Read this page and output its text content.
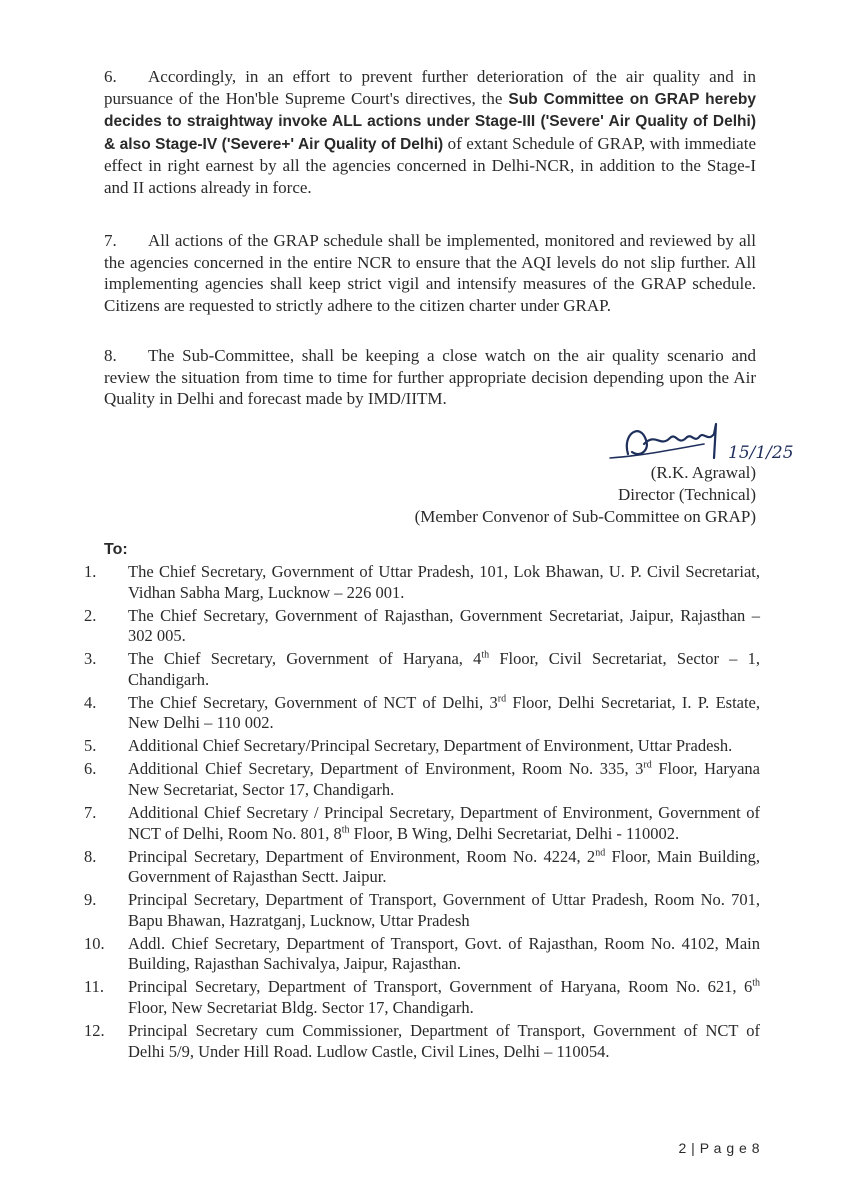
6. Accordingly, in an effort to prevent further deterioration of the air quality and in pursuance of the Hon'ble Supreme Court's directives, the Sub Committee on GRAP hereby decides to straightway invoke ALL actions under Stage-III ('Severe' Air Quality of Delhi) & also Stage-IV ('Severe+' Air Quality of Delhi) of extant Schedule of GRAP, with immediate effect in right earnest by all the agencies concerned in Delhi-NCR, in addition to the Stage-I and II actions already in force.
7. All actions of the GRAP schedule shall be implemented, monitored and reviewed by all the agencies concerned in the entire NCR to ensure that the AQI levels do not slip further. All implementing agencies shall keep strict vigil and intensify measures of the GRAP schedule. Citizens are requested to strictly adhere to the citizen charter under GRAP.
8. The Sub-Committee, shall be keeping a close watch on the air quality scenario and review the situation from time to time for further appropriate decision depending upon the Air Quality in Delhi and forecast made by IMD/IITM.
15/1/25
(R.K. Agrawal)
Director (Technical)
(Member Convenor of Sub-Committee on GRAP)
To:
1.	The Chief Secretary, Government of Uttar Pradesh, 101, Lok Bhawan, U. P. Civil Secretariat, Vidhan Sabha Marg, Lucknow – 226 001.
2.	The Chief Secretary, Government of Rajasthan, Government Secretariat, Jaipur, Rajasthan – 302 005.
3.	The Chief Secretary, Government of Haryana, 4th Floor, Civil Secretariat, Sector – 1, Chandigarh.
4.	The Chief Secretary, Government of NCT of Delhi, 3rd Floor, Delhi Secretariat, I. P. Estate, New Delhi – 110 002.
5.	Additional Chief Secretary/Principal Secretary, Department of Environment, Uttar Pradesh.
6.	Additional Chief Secretary, Department of Environment, Room No. 335, 3rd Floor, Haryana New Secretariat, Sector 17, Chandigarh.
7.	Additional Chief Secretary / Principal Secretary, Department of Environment, Government of NCT of Delhi, Room No. 801, 8th Floor, B Wing, Delhi Secretariat, Delhi - 110002.
8.	Principal Secretary, Department of Environment, Room No. 4224, 2nd Floor, Main Building, Government of Rajasthan Sectt. Jaipur.
9.	Principal Secretary, Department of Transport, Government of Uttar Pradesh, Room No. 701, Bapu Bhawan, Hazratganj, Lucknow, Uttar Pradesh
10.	Addl. Chief Secretary, Department of Transport, Govt. of Rajasthan, Room No. 4102, Main Building, Rajasthan Sachivalya, Jaipur, Rajasthan.
11.	Principal Secretary, Department of Transport, Government of Haryana, Room No. 621, 6th Floor, New Secretariat Bldg. Sector 17, Chandigarh.
12.	Principal Secretary cum Commissioner, Department of Transport, Government of NCT of Delhi 5/9, Under Hill Road. Ludlow Castle, Civil Lines, Delhi – 110054.
2 | P a g e 8
